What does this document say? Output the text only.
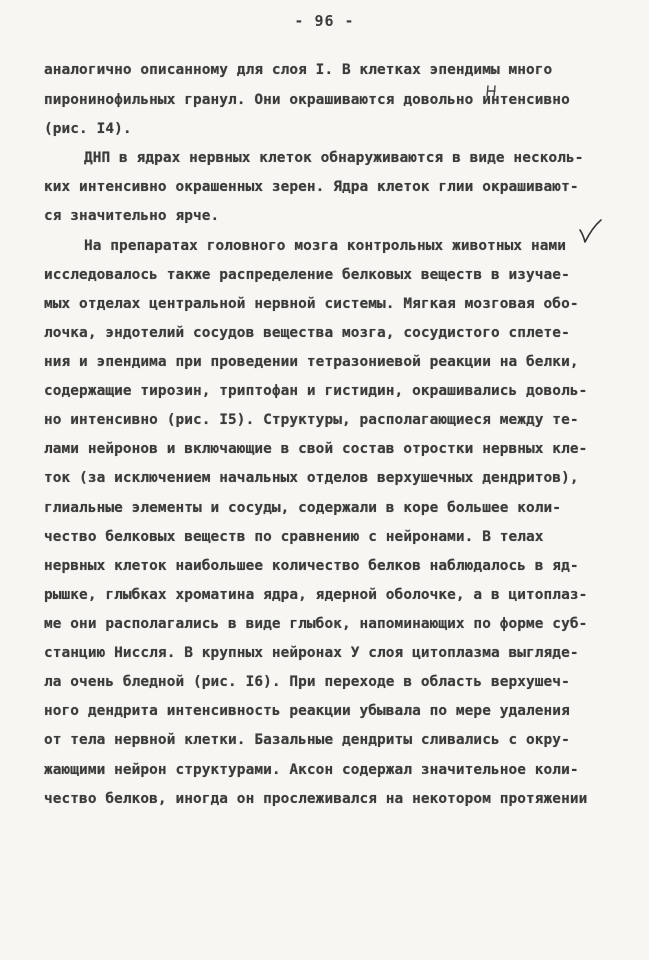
- 96 -
аналогично описанному для слоя I. В клетках эпендимы много
пиронинофильных гранул. Они окрашиваются довольно интенсивно
(рис. I4).
ДНП в ядрах нервных клеток обнаруживаются в виде несколь-
ких интенсивно окрашенных зерен. Ядра клеток глии окрашивают-
ся значительно ярче.
На препаратах головного мозга контрольных животных нами
исследовалось также распределение белковых веществ в изучае-
мых отделах центральной нервной системы. Мягкая мозговая обо-
лочка, эндотелий сосудов вещества мозга, сосудистого сплете-
ния и эпендима при проведении тетразониевой реакции на белки,
содержащие тирозин, триптофан и гистидин, окрашивались доволь-
но интенсивно (рис. I5). Структуры, располагающиеся между те-
лами нейронов и включающие в свой состав отростки нервных кле-
ток (за исключением начальных отделов верхушечных дендритов),
глиальные элементы и сосуды, содержали в коре большее коли-
чество белковых веществ по сравнению с нейронами. В телах
нервных клеток наибольшее количество белков наблюдалось в яд-
рышке, глыбках хроматина ядра, ядерной оболочке, а в цитоплаз-
ме они располагались в виде глыбок, напоминающих по форме суб-
станцию Ниссля. В крупных нейронах У слоя цитоплазма выглядe-
ла очень бледной (рис. I6). При переходе в область верхушеч-
ного дендрита интенсивность реакции убывала по мере удаления
от тела нервной клетки. Базальные дендриты сливались с окру-
жающими нейрон структурами. Аксон содержал значительное коли-
чество белков, иногда он прослеживался на некотором протяжении
